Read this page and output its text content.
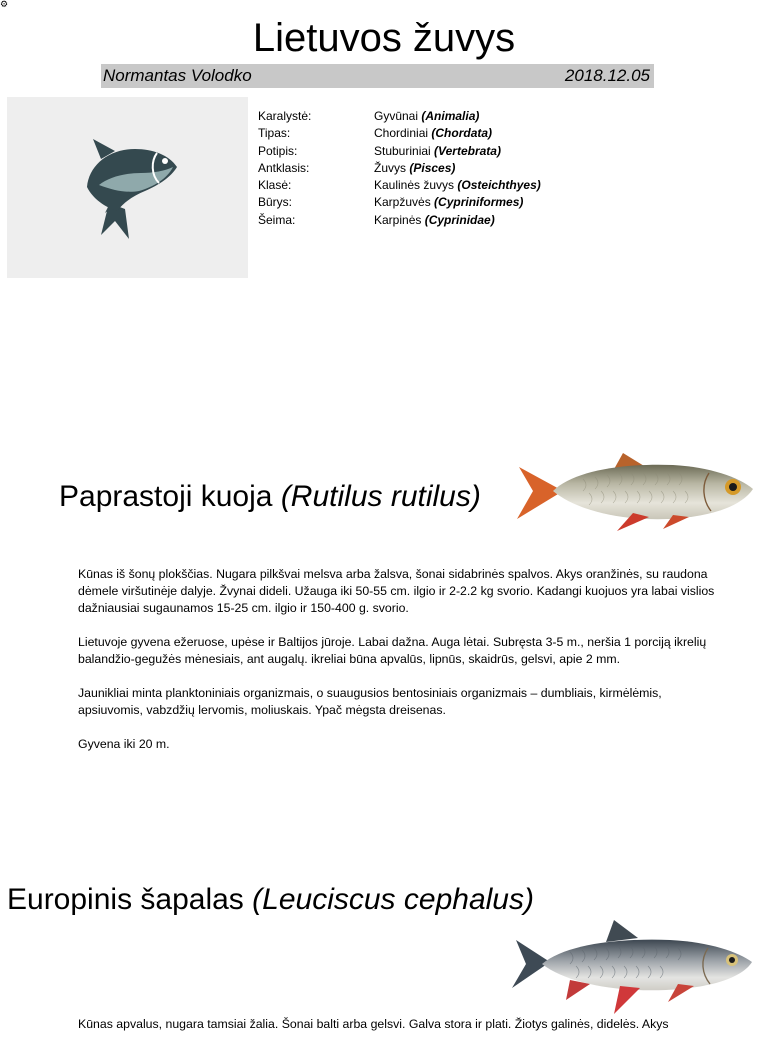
⚙
Lietuvos žuvys
Normantas Volodko	2018.12.05
Karalystė:	Gyvūnai (Animalia)
Tipas:	Chordiniai (Chordata)
Potipis:	Stuburiniai (Vertebrata)
Antklasis:	Žuvys (Pisces)
Klasė:	Kaulinės žuvys (Osteichthyes)
Būrys:	Karpžuvės (Cypriniformes)
Šeima:	Karpinės (Cyprinidae)
Paprastoji kuoja (Rutilus rutilus)

Kūnas iš šonų plokščias. Nugara pilkšvai melsva arba žalsva, šonai sidabrinės spalvos. Akys oranžinės, su raudona dėmele viršutinėje dalyje. Žvynai dideli. Užauga iki 50-55 cm. ilgio ir 2-2.2 kg svorio. Kadangi kuojuos yra labai vislios dažniausiai sugaunamos 15-25 cm. ilgio ir 150-400 g. svorio.

Lietuvoje gyvena ežeruose, upėse ir Baltijos jūroje. Labai dažna. Auga lėtai. Subręsta 3-5 m., neršia 1 porciją ikrelių balandžio-gegužės mėnesiais, ant augalų. ikreliai būna apvalūs, lipnūs, skaidrūs, gelsvi, apie 2 mm.

Jaunikliai minta planktoniniais organizmais, o suaugusios bentosiniais organizmais – dumbliais, kirmėlėmis, apsiuvomis, vabzdžių lervomis, moliuskais. Ypač mėgsta dreisenas.

Gyvena iki 20 m.

Europinis šapalas (Leuciscus cephalus)

Kūnas apvalus, nugara tamsiai žalia. Šonai balti arba gelsvi. Galva stora ir plati. Žiotys galinės, didelės. Akys
